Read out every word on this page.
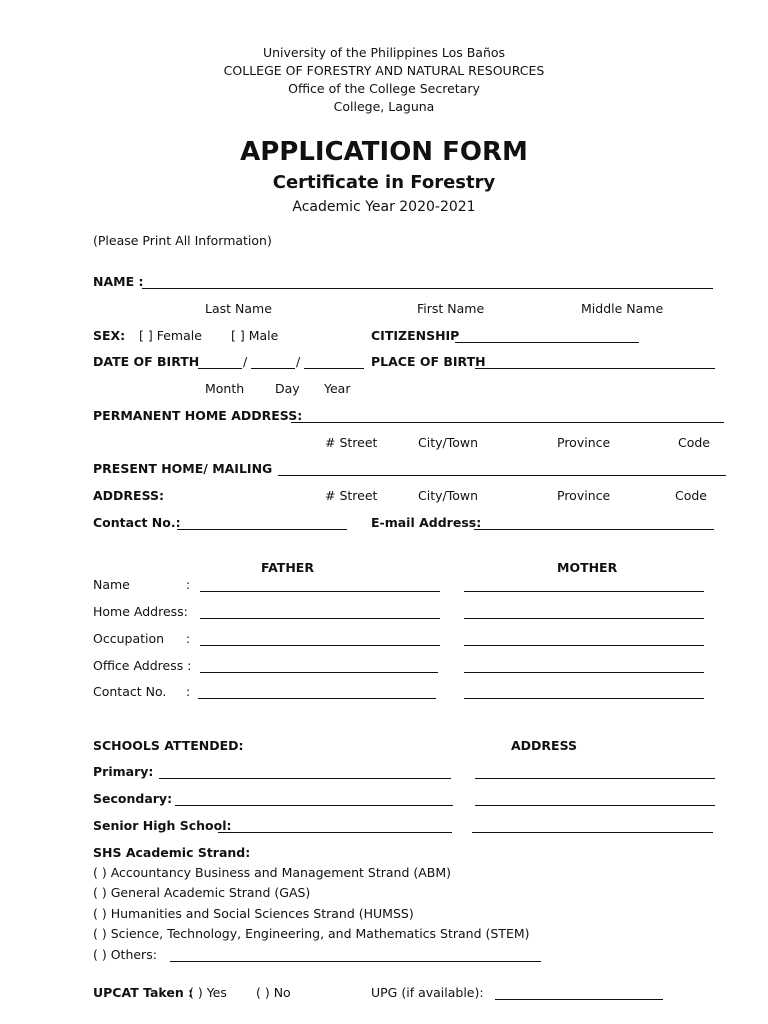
University of the Philippines Los Baños
COLLEGE OF FORESTRY AND NATURAL RESOURCES
Office of the College Secretary
College, Laguna
APPLICATION FORM
Certificate in Forestry
Academic Year 2020-2021
(Please Print All Information)
NAME :
Last Name	First Name	Middle Name
SEX: [ ] Female [ ] Male	CITIZENSHIP
DATE OF BIRTH	/	/	PLACE OF BIRTH
Month Day Year
PERMANENT HOME ADDRESS:
# Street	City/Town	Province	Code
PRESENT HOME/ MAILING
ADDRESS:	# Street	City/Town	Province	Code
Contact No.:	E-mail Address:
FATHER	MOTHER
Name	:
Home Address:
Occupation :
Office Address :
Contact No. :
SCHOOLS ATTENDED:	ADDRESS
Primary:
Secondary:
Senior High School:
SHS Academic Strand:
( ) Accountancy Business and Management Strand (ABM)
( ) General Academic Strand (GAS)
( ) Humanities and Social Sciences Strand (HUMSS)
( ) Science, Technology, Engineering, and Mathematics Strand (STEM)
( ) Others:
UPCAT Taken :
( ) Yes ( ) No	UPG (if available):
